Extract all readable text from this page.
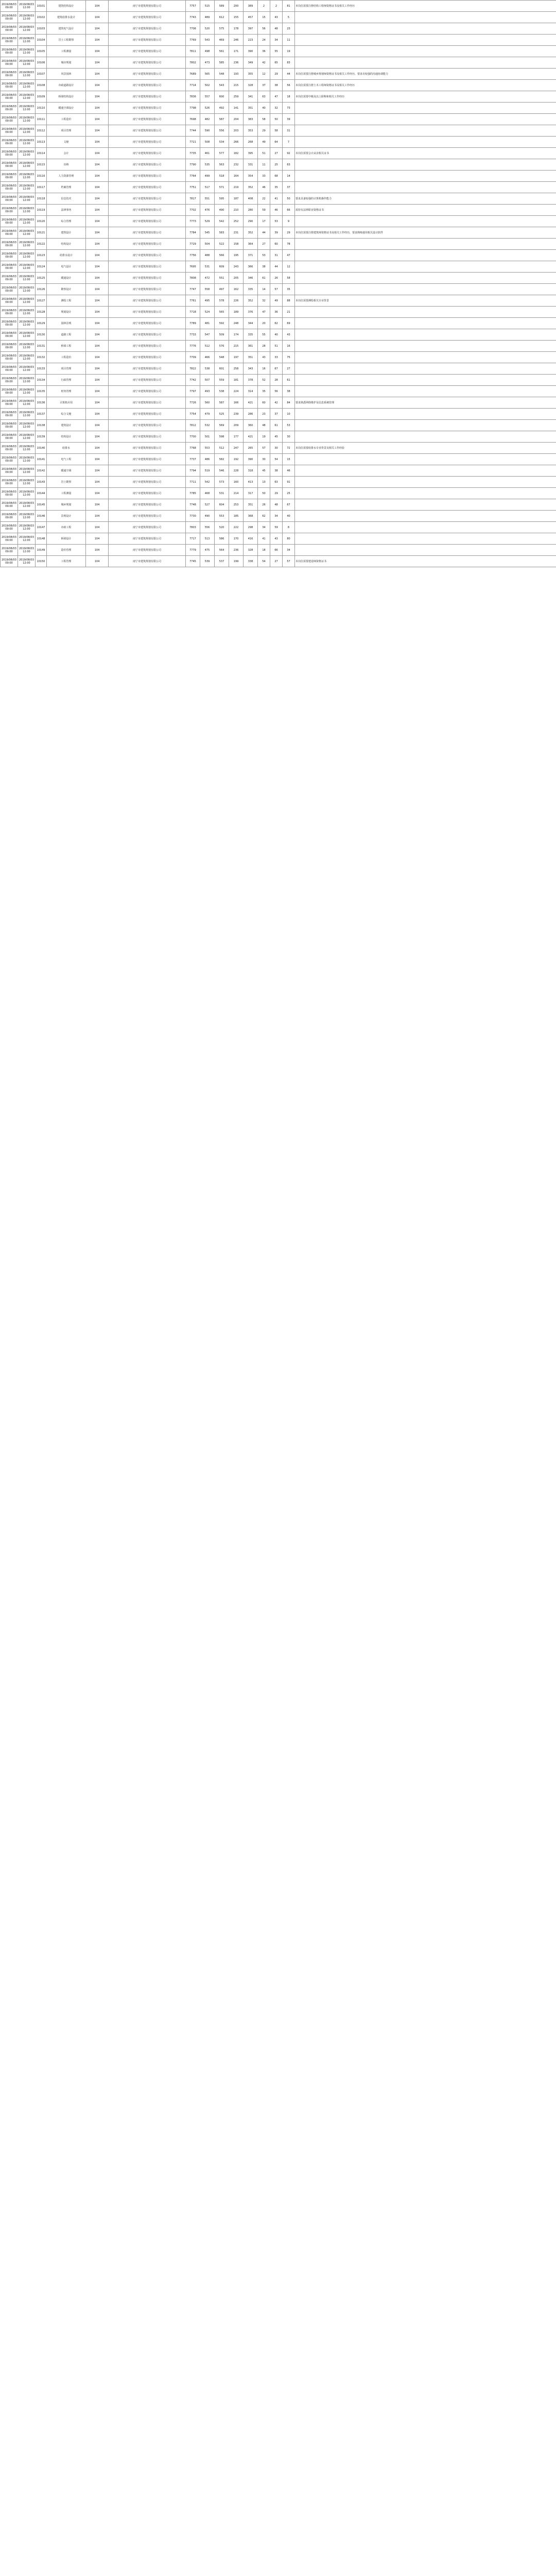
2019/08/03 09:00	2019/08/03 12:00	10101	建筑结构设计	104	南宁市建筑规划有限公司	7757	515	589	200	389	2	2	81	本岗位需要注册结构工程师资格证书及相关工作经历
2019/08/03 09:00	2019/08/03 12:00	10102	建筑给排水设计	104	南宁市建筑规划有限公司	7743	489	612	155	457	15	43	5	
2019/08/03 09:00	2019/08/03 12:00	10103	建筑电气设计	104	南宁市建筑规划有限公司	7706	520	575	178	397	56	48	23	
2019/08/03 09:00	2019/08/03 12:00	10104	岩土工程勘察	104	南宁市建筑规划有限公司	7769	543	469	246	223	24	34	11	
2019/08/03 09:00	2019/08/03 12:00	10105	工程测量	104	南宁市建筑规划有限公司	7811	498	561	171	390	36	55	19	
2019/08/03 09:00	2019/08/03 12:00	10106	城市规划	104	南宁市建筑规划有限公司	7802	473	585	236	349	42	65	83	
2019/08/03 09:00	2019/08/03 12:00	10107	风景园林	104	南宁市建筑规划有限公司	7689	565	548	193	355	12	29	44	本岗位需要注册城乡规划师资格证书及相关工作经历，要求有较强的沟通协调能力
2019/08/03 09:00	2019/08/03 12:00	10108	市政道路设计	104	南宁市建筑规划有限公司	7714	502	543	215	328	37	38	56	本岗位需要注册土木工程师资格证书及相关工作经历
2019/08/03 09:00	2019/08/03 12:00	10109	桥梁结构设计	104	南宁市建筑规划有限公司	7836	557	600	259	341	63	47	18	本岗位需要中级及以上职称和相关工作经历
2019/08/03 09:00	2019/08/03 12:00	10110	暖通空调设计	104	南宁市建筑规划有限公司	7798	526	492	141	351	40	32	73	
2019/08/03 09:00	2019/08/03 12:00	10111	工程造价	104	南宁市建筑规划有限公司	7698	482	587	204	383	58	50	39	
2019/08/03 09:00	2019/08/03 12:00	10112	项目管理	104	南宁市建筑规划有限公司	7744	590	556	203	353	29	58	31	
2019/08/03 09:00	2019/08/03 12:00	10113	文秘	104	南宁市建筑规划有限公司	7721	508	534	266	268	49	64	7	
2019/08/03 09:00	2019/08/03 12:00	10114	会计	104	南宁市建筑规划有限公司	7735	461	577	182	395	51	27	92	本岗位需要会计从业相关证书
2019/08/03 09:00	2019/08/03 12:00	10115	出纳	104	南宁市建筑规划有限公司	7790	535	563	232	331	11	25	63	
2019/08/03 09:00	2019/08/03 12:00	10116	人力资源管理	104	南宁市建筑规划有限公司	7764	499	518	164	354	33	68	14	
2019/08/03 09:00	2019/08/03 12:00	10117	档案管理	104	南宁市建筑规划有限公司	7751	517	571	219	352	46	35	37	
2019/08/03 09:00	2019/08/03 12:00	10118	信息技术	104	南宁市建筑规划有限公司	7817	551	595	187	408	22	41	50	要求具备较强的计算机操作能力
2019/08/03 09:00	2019/08/03 12:00	10119	法律事务	104	南宁市建筑规划有限公司	7702	476	490	210	280	59	46	66	需持有法律职业资格证书
2019/08/03 09:00	2019/08/03 12:00	10120	综合管理	104	南宁市建筑规划有限公司	7773	529	542	252	290	17	53	9	
2019/08/03 09:00	2019/08/03 12:00	10121	建筑设计	104	南宁市建筑规划有限公司	7784	545	583	231	352	44	39	29	本岗位需要注册建筑师资格证书及相关工作经历，要求熟练使用相关设计软件
2019/08/03 09:00	2019/08/03 12:00	10122	结构设计	104	南宁市建筑规划有限公司	7729	504	522	158	364	27	60	78	
2019/08/03 09:00	2019/08/03 12:00	10123	给排水设计	104	南宁市建筑规划有限公司	7756	488	566	195	371	53	31	47	
2019/08/03 09:00	2019/08/03 12:00	10124	电气设计	104	南宁市建筑规划有限公司	7695	531	609	243	366	38	44	12	
2019/08/03 09:00	2019/08/03 12:00	10125	暖通设计	104	南宁市建筑规划有限公司	7808	472	551	205	346	61	26	58	
2019/08/03 09:00	2019/08/03 12:00	10126	勘察设计	104	南宁市建筑规划有限公司	7747	558	497	162	335	14	57	35	
2019/08/03 09:00	2019/08/03 12:00	10127	测绘工程	104	南宁市建筑规划有限公司	7761	495	578	226	352	32	49	88	本岗位需要测绘相关专业背景
2019/08/03 09:00	2019/08/03 12:00	10128	规划设计	104	南宁市建筑规划有限公司	7718	524	565	189	376	47	36	21	
2019/08/03 09:00	2019/08/03 12:00	10129	园林景观	104	南宁市建筑规划有限公司	7789	481	592	248	344	20	62	69	
2019/08/03 09:00	2019/08/03 12:00	10130	道路工程	104	南宁市建筑规划有限公司	7733	547	509	174	335	55	40	43	
2019/08/03 09:00	2019/08/03 12:00	10131	桥梁工程	104	南宁市建筑规划有限公司	7776	512	576	215	361	28	51	16	
2019/08/03 09:00	2019/08/03 12:00	10132	工程造价	104	南宁市建筑规划有限公司	7709	466	548	197	351	43	33	75	
2019/08/03 09:00	2019/08/03 12:00	10133	项目管理	104	南宁市建筑规划有限公司	7822	538	601	258	343	16	67	27	
2019/08/03 09:00	2019/08/03 12:00	10134	行政管理	104	南宁市建筑规划有限公司	7742	507	559	181	378	52	28	61	
2019/08/03 09:00	2019/08/03 12:00	10135	财务管理	104	南宁市建筑规划有限公司	7797	493	538	224	314	35	56	38	
2019/08/03 09:00	2019/08/03 12:00	10136	计算机应用	104	南宁市建筑规划有限公司	7726	560	587	166	421	60	42	84	要求熟悉网络维护及信息系统管理
2019/08/03 09:00	2019/08/03 12:00	10137	综合文秘	104	南宁市建筑规划有限公司	7754	479	525	239	286	23	37	10	
2019/08/03 09:00	2019/08/03 12:00	10138	建筑设计	104	南宁市建筑规划有限公司	7812	532	569	209	360	48	61	53	
2019/08/03 09:00	2019/08/03 12:00	10139	结构设计	104	南宁市建筑规划有限公司	7700	501	598	177	421	19	45	30	
2019/08/03 09:00	2019/08/03 12:00	10140	给排水	104	南宁市建筑规划有限公司	7768	553	512	247	265	57	30	72	本岗位需要给排水专业背景及相关工作经验
2019/08/03 09:00	2019/08/03 12:00	10141	电气工程	104	南宁市建筑规划有限公司	7737	486	582	192	390	30	54	15	
2019/08/03 09:00	2019/08/03 12:00	10142	暖通空调	104	南宁市建筑规划有限公司	7794	519	546	228	318	45	38	46	
2019/08/03 09:00	2019/08/03 12:00	10143	岩土勘察	104	南宁市建筑规划有限公司	7711	542	573	160	413	13	63	91	
2019/08/03 09:00	2019/08/03 12:00	10144	工程测量	104	南宁市建筑规划有限公司	7785	468	531	214	317	50	29	25	
2019/08/03 09:00	2019/08/03 12:00	10145	城乡规划	104	南宁市建筑规划有限公司	7748	527	604	253	351	26	48	67	
2019/08/03 09:00	2019/08/03 12:00	10146	景观设计	104	南宁市建筑规划有限公司	7730	490	553	185	368	62	34	40	
2019/08/03 09:00	2019/08/03 12:00	10147	市政工程	104	南宁市建筑规划有限公司	7803	556	520	222	298	34	59	8	
2019/08/03 09:00	2019/08/03 12:00	10148	桥梁设计	104	南宁市建筑规划有限公司	7717	513	586	170	416	41	43	80	
2019/08/03 09:00	2019/08/03 12:00	10149	造价管理	104	南宁市建筑规划有限公司	7779	475	564	236	328	18	66	34	
2019/08/03 09:00	2019/08/03 12:00	10150	工程管理	104	南宁市建筑规划有限公司	7745	539	537	199	338	54	27	57	本岗位需要建造师资格证书
